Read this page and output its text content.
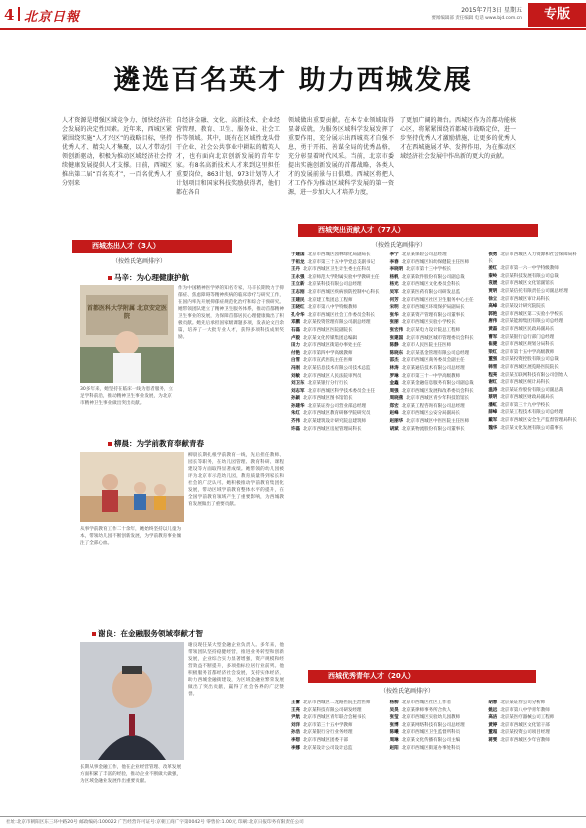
4 北京日報	2015年7月3日 星期五
要闻编辑部 责任编辑 电话 www.bjd.com.cn	专版
遴选百名英才 助力西城发展
人才资源是增强区域竞争力、加快经济社会发展的决定性因素。近年来，西城区紧紧围绕实施“人才兴区”的战略目标，坚持优秀人才、精尖人才集聚，以人才带动引领创新驱动，积极为推动区域经济社会持续健康发展提供人才支撑。日前，西城区推出第二届“百名英才”，一百名优秀人才分别来
自经济金融、文化、高新技术、企业经营管理、教育、卫生、服务业、社会工作等领域。其中，既有在区域性龙头骨干企业、社会公共事业中耕耘的精英人才，也有面向北京创新发展的青年专家。有8名高新技术人才来到这里担任重要岗位，863计划、973计划等人才计划项目和国家科技奖励获得者，他们都在各自
领域做出重要贡献。在本专业领域取得显著成就，为服务区域科学发展发挥了重要作用，充分展示出西城英才自强不息，勇于开拓、善谋全局的优秀品格，充分彰显着时代风采。当前，北京市委提出实施创新发展的首都战略，各类人才的发展前景与日俱增。西城区将把人才工作作为推动区域科学发展的第一资源，进一步加大人才培养力度，
了更加广阔的舞台。西城区作为首都功能核心区，将紧紧围绕首都城市战略定位，进一步坚持优秀人才激励措施，让更多的优秀人才在西城施展才华、发挥作用，为在推动区域经济社会发展中作出新的更大的贡献。
西城杰出人才（3人）
（按姓氏笔画排序）
马辛：为心理健康护航
首都医科大学附属 北京安定医院
30多年来，她坚持在临床一线为患者服务，立足学科前沿，推动精神卫生事业发展，为北京市精神卫生事业做出突出贡献。
作为中国精神医学界的知名专家，马辛长期致力于抑郁症、焦虑障碍等精神疾病的临床诊疗与研究工作，在国内率先开展抑郁症规范化治疗和综合干预研究。她带领团队建立了精神卫生服务体系，推动首都精神卫生事业的发展，为保障首都居民心理健康做出了积极贡献。她先后承担国家级课题多项，发表论文百余篇，培养了一大批专业人才，获得多项科技成果奖励。
柳晨：为学前教育奉献青春
从事学前教育工作二十余年，她始终坚持以儿童为本，带领幼儿园不断创新发展，为学前教育事业倾注了全部心血。
柳晨长期扎根学前教育一线，先后担任教师、园长等职务，在幼儿园管理、教育科研、课程建设等方面取得显著成绩。她带领的幼儿园被评为北京市示范幼儿园，教育质量得到家长和社会的广泛认可。她积极推动学前教育集团化发展，带动区域学前教育整体水平的提升，在全国学前教育领域产生了重要影响，为西城教育发展做出了重要贡献。
谢良：在金融服务领域奉献才智
长期从事金融工作，他在企业经营管理、改革发展方面积累了丰富的经验，推动企业不断做大做强，为区域金融业发展作出重要贡献。
谢良现任某大型金融企业负责人。多年来，他带领团队坚持稳健经营，推进业务转型和创新发展，企业综合实力显著增强，资产规模和经营效益不断提升，多项指标位居行业前列。他积极服务首都经济社会发展，支持实体经济，助力西城金融街建设，为区域金融业繁荣发展做出了突出贡献，赢得了社会各界的广泛赞誉。
西城突出贡献人才（77人）
（按姓氏笔画排序）
于建国 北京市西城区园林绿化局副局长
于祖龙 北京市第三十五中学党总支副书记
王丹 北京市西城区卫生计生委主任科员
王永强 北京师范大学附属实验中学教研主任
王立新 北京某科技有限公司总经理
王志刚 北京市西城区疾病预防控制中心科长
王建民 北京建工集团总工程师
王晓红 北京市第八中学特级教师
孔令华 北京市西城区社会工作委员会科长
邓鹏 北京某投资管理有限公司副总经理
石磊 北京市西城区医院副院长
卢毅 北京某文化传媒集团总编辑
田力 北京市西城区街道办事处主任
付艳 北京市第四中学高级教师
白雪 北京市宣武医院主任医师
冯刚 北京某信息技术有限公司技术总监
刘敏 北京市西城区人民法院审判员
刘卫东 北京某银行分行行长
刘志军 北京市西城区科学技术委员会主任
孙颖 北京市西城区图书馆馆长
孙建华 北京某证券公司营业部总经理
朱红 北京市西城区教育研修学院研究员
齐伟 北京某建筑设计研究院总建筑师
许磊 北京市西城区房屋管理局科长
李宁 北京某保险公司总经理
李春 北京市西城区妇幼保健院主任医师
李晓明 北京市第十三中学校长
杨帆 北京某软件股份有限公司副总裁
杨光 北京市西城区文化委员会科长
吴军 北京某医药有限公司研发总监
何芳 北京市西城区社区卫生服务中心主任
宋明 北京市西城区环境保护局副局长
张华 北京某资产管理有限公司董事长
张丽 北京市西城区实验小学校长
张宏伟 北京某电力设计院总工程师
张建国 北京市西城区城市管理委员会科长
陈静 北京市人民医院主任医师
陈晓东 北京某基金管理有限公司总经理
邵杰 北京市西城区商务委员会副主任
林涛 北京某通信技术有限公司总经理
罗琳 北京市第三十一中学高级教师
金鑫 北京某金融信息服务有限公司副总裁
周强 北京市西城区发展和改革委员会科长
周晓燕 北京市西城区青少年科技馆馆长
郑宏 北京某工程咨询有限公司总经理
赵峰 北京市西城区公安分局副局长
赵丽华 北京市西城区中医医院主任医师
胡斌 北京某物流股份有限公司董事长
侯勇 北京市西城区人力资源和社会保障局科长
姜红 北京市第一六一中学特级教师
秦岭 北京某科技发展有限公司总裁
袁媛 北京市西城区文化馆副馆长
贾明 北京某信托有限责任公司副总经理
徐立 北京市西城区审计局科长
高峰 北京某设计研究院院长
郭艳 北京市西城区第二实验小学校长
唐伟 北京某能源集团有限公司总经理
黄磊 北京市西城区民政局副局长
曹军 北京某银行总行部门总经理
崔健 北京市西城区规划分局科长
梁红 北京市第十五中学高级教师
董强 北京某投资控股有限公司总裁
韩雪 北京市西城区展览路医院院长
程亮 北京某互联网科技有限公司创始人
谢红 北京市西城区统计局科长
温涛 北京某证券股份有限公司副总裁
蔡明 北京市西城区财政局副局长
潘虹 北京市第三十九中学校长
薛峰 北京某工程技术有限公司总经理
戴军 北京市西城区安全生产监督管理局科长
魏华 北京某文化发展有限公司董事长
西城优秀青年人才（20人）
（按姓氏笔画排序）
王蕾 北京市西城区二龙路医院主治医师
王亮 北京某科技有限公司研发经理
尹航 北京市西城区青年联合会秘书长
刘洋 北京市第三十五中学教师
孙浩 北京某银行分行业务经理
李想 北京市西城区团委干部
李娜 北京某设计公司设计总监
杨柳 北京市西城区社区工作者
吴昊 北京某律师事务所合伙人
张莹 北京市西城区实验幼儿园教师
张博 北京某网络科技有限公司总经理
陈曦 北京市西城区卫生监督所科员
周琳 北京某文化传播有限公司主编
赵阳 北京市西城区街道办事处科员
胡蓉 北京某证券公司分析师
姚远 北京市第八中学青年教师
高洁 北京某医疗器械公司工程师
黄婷 北京市西城区文化馆干部
董超 北京某投资公司项目经理
蒋雯 北京市西城区少年宫教师
社址:北京市朝阳区东三环中路20号 邮政编码:100022 广告经营许可证号:京朝工商广字第0042号 零售价:1.00元 印刷:北京日报印务有限责任公司
